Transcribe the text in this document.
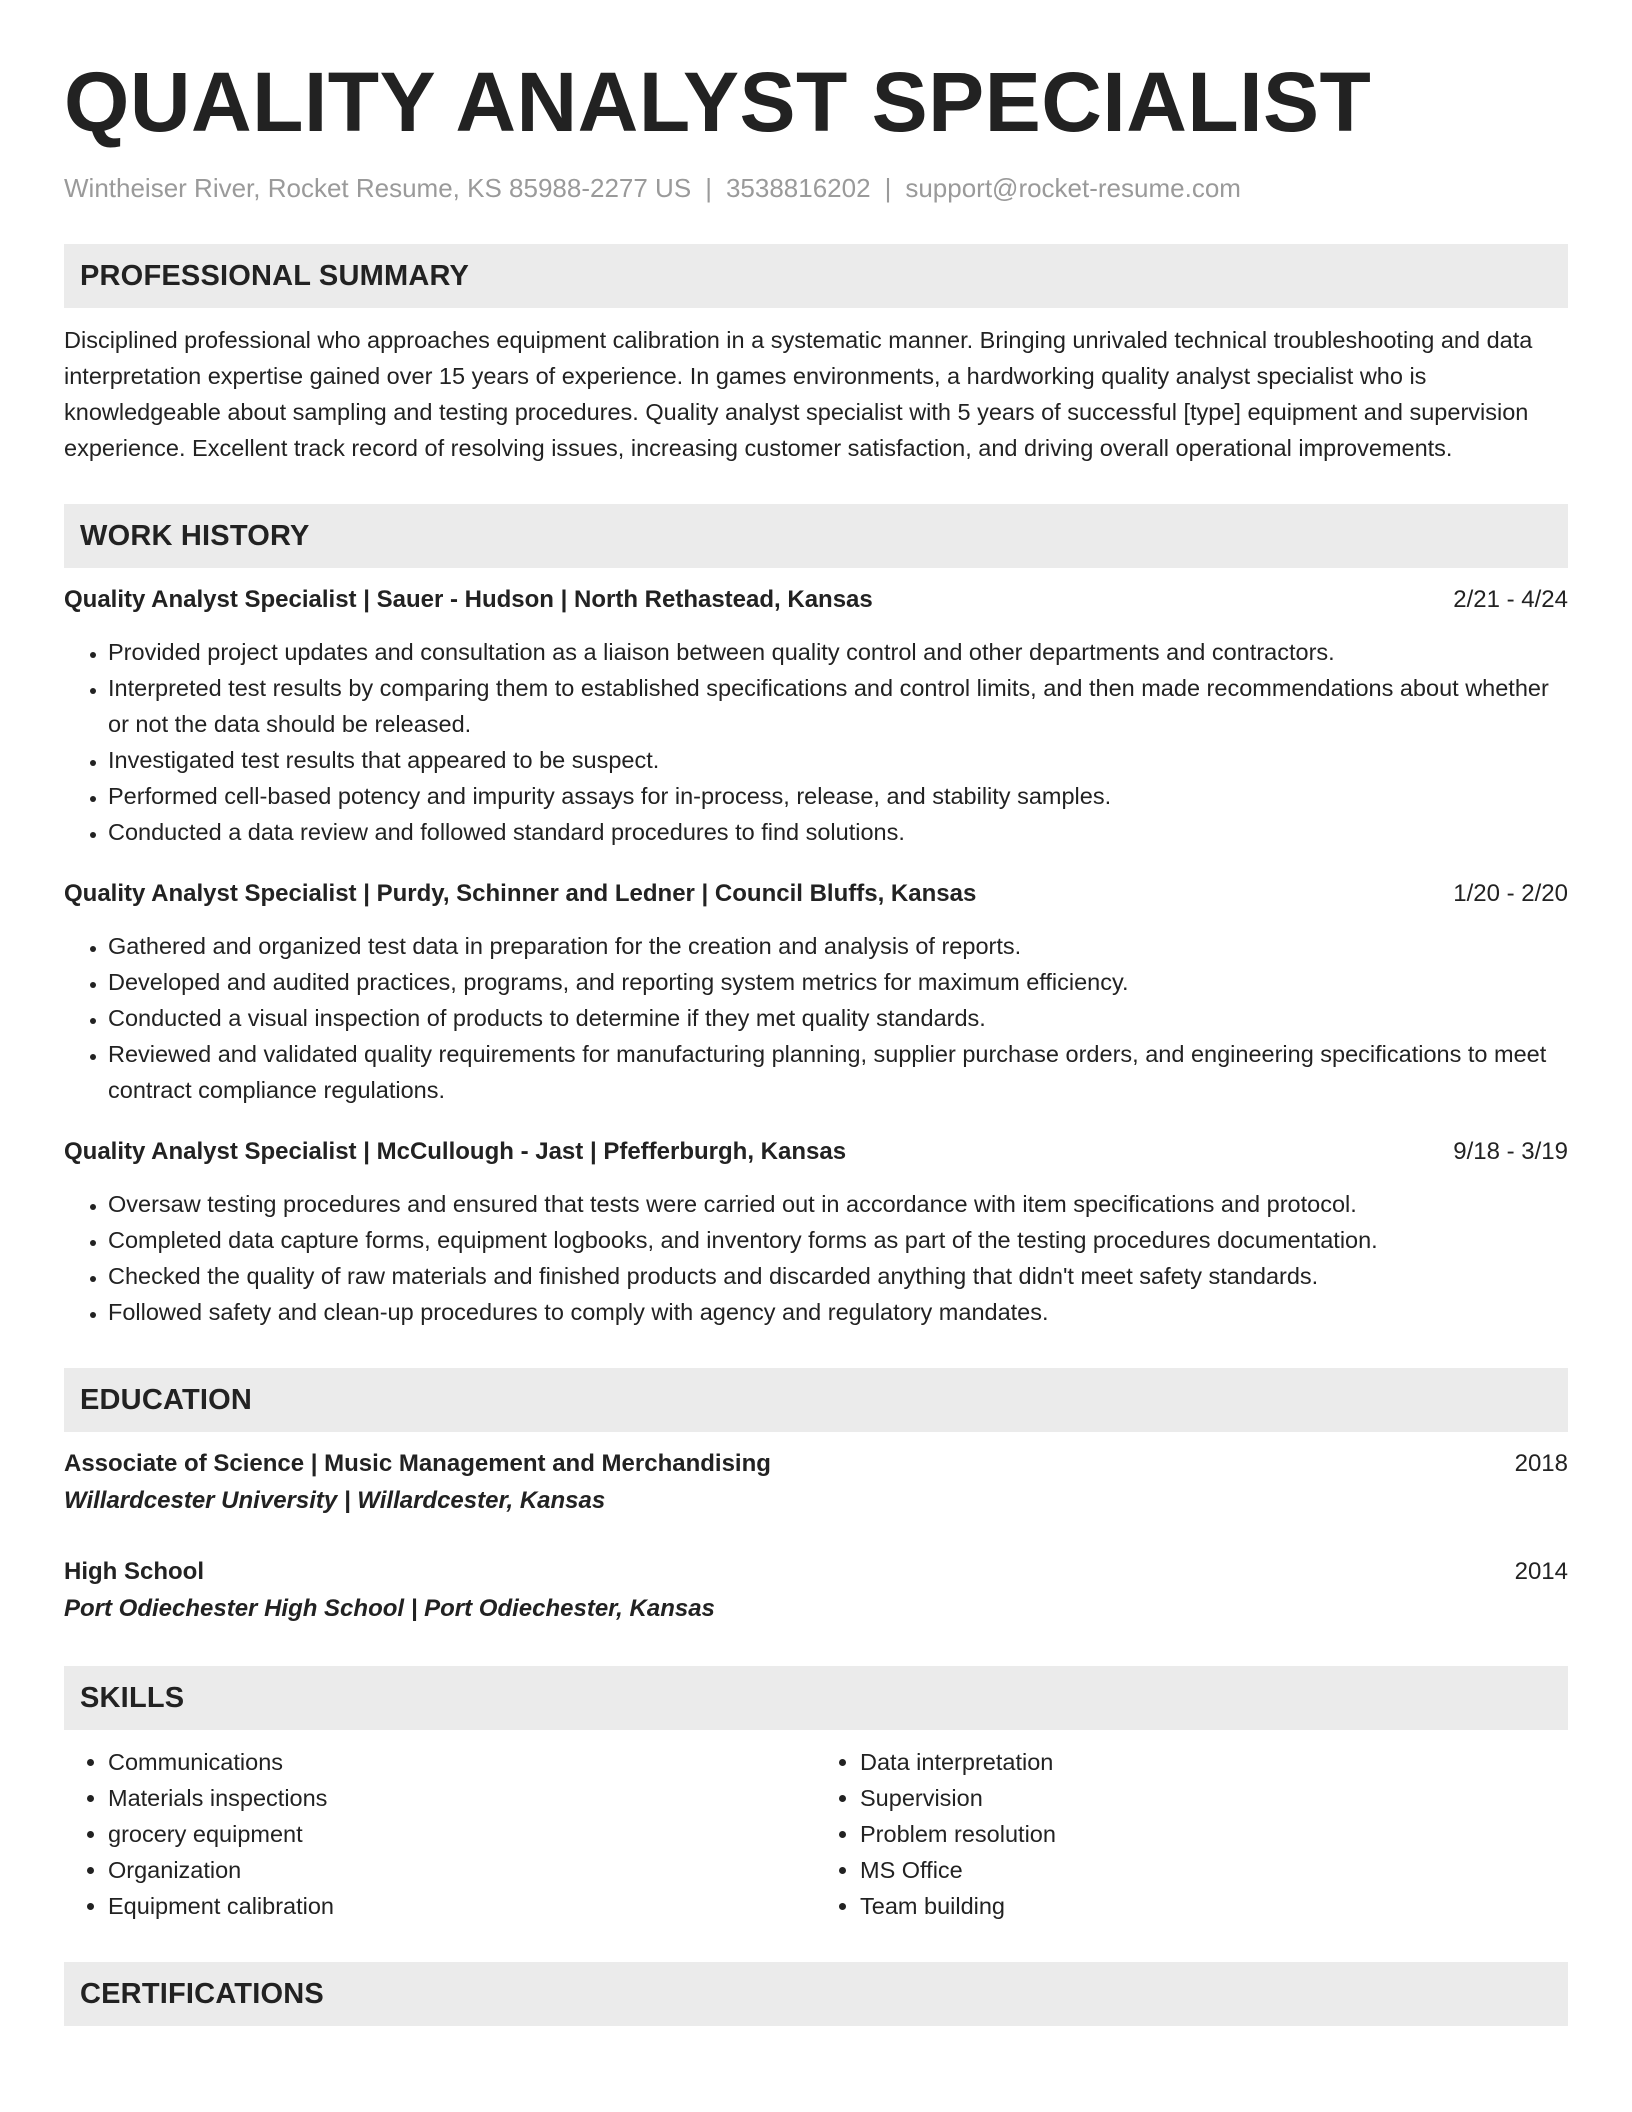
QUALITY ANALYST SPECIALIST
Wintheiser River, Rocket Resume, KS 85988-2277 US | 3538816202 | support@rocket-resume.com
PROFESSIONAL SUMMARY
Disciplined professional who approaches equipment calibration in a systematic manner. Bringing unrivaled technical troubleshooting and data interpretation expertise gained over 15 years of experience. In games environments, a hardworking quality analyst specialist who is knowledgeable about sampling and testing procedures. Quality analyst specialist with 5 years of successful [type] equipment and supervision experience. Excellent track record of resolving issues, increasing customer satisfaction, and driving overall operational improvements.
WORK HISTORY
Quality Analyst Specialist | Sauer - Hudson | North Rethastead, Kansas	2/21 - 4/24
• Provided project updates and consultation as a liaison between quality control and other departments and contractors.
• Interpreted test results by comparing them to established specifications and control limits, and then made recommendations about whether or not the data should be released.
• Investigated test results that appeared to be suspect.
• Performed cell-based potency and impurity assays for in-process, release, and stability samples.
• Conducted a data review and followed standard procedures to find solutions.
Quality Analyst Specialist | Purdy, Schinner and Ledner | Council Bluffs, Kansas	1/20 - 2/20
• Gathered and organized test data in preparation for the creation and analysis of reports.
• Developed and audited practices, programs, and reporting system metrics for maximum efficiency.
• Conducted a visual inspection of products to determine if they met quality standards.
• Reviewed and validated quality requirements for manufacturing planning, supplier purchase orders, and engineering specifications to meet contract compliance regulations.
Quality Analyst Specialist | McCullough - Jast | Pfefferburgh, Kansas	9/18 - 3/19
• Oversaw testing procedures and ensured that tests were carried out in accordance with item specifications and protocol.
• Completed data capture forms, equipment logbooks, and inventory forms as part of the testing procedures documentation.
• Checked the quality of raw materials and finished products and discarded anything that didn't meet safety standards.
• Followed safety and clean-up procedures to comply with agency and regulatory mandates.
EDUCATION
Associate of Science | Music Management and Merchandising	2018
Willardcester University | Willardcester, Kansas
High School	2014
Port Odiechester High School | Port Odiechester, Kansas
SKILLS
• Communications
• Materials inspections
• grocery equipment
• Organization
• Equipment calibration
• Data interpretation
• Supervision
• Problem resolution
• MS Office
• Team building
CERTIFICATIONS
